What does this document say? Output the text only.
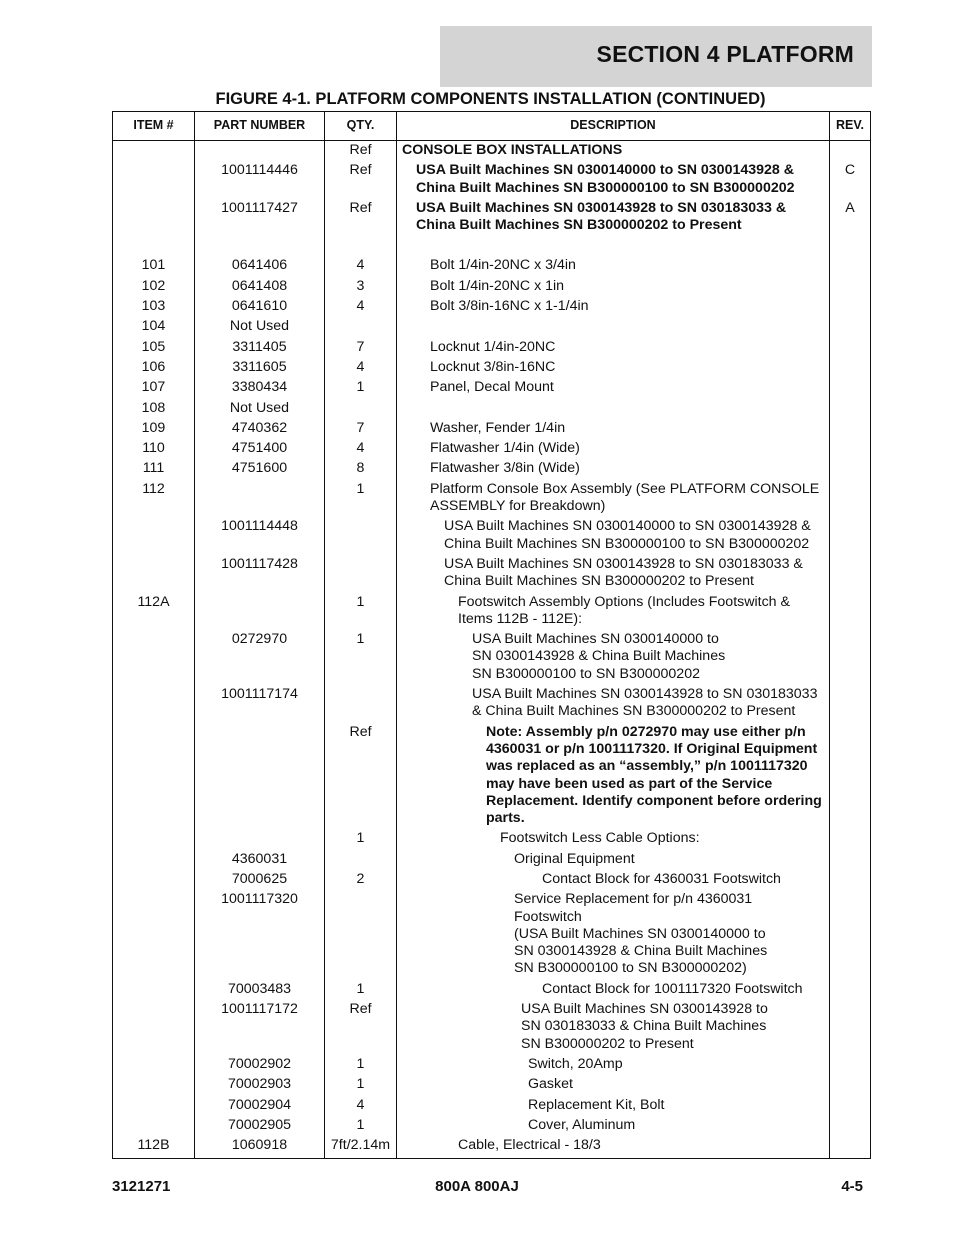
SECTION 4 PLATFORM
FIGURE 4-1. PLATFORM COMPONENTS INSTALLATION (CONTINUED)
ITEM #	PART NUMBER	QTY.	DESCRIPTION	REV.
		Ref	CONSOLE BOX INSTALLATIONS	
	1001114446	Ref	USA Built Machines SN 0300140000 to SN 0300143928 & China Built Machines SN B300000100 to SN B300000202	C
	1001117427	Ref	USA Built Machines SN 0300143928 to SN 030183033 & China Built Machines SN B300000202 to Present	A
101	0641406	4	Bolt 1/4in-20NC x 3/4in	
102	0641408	3	Bolt 1/4in-20NC x 1in	
103	0641610	4	Bolt 3/8in-16NC x 1-1/4in	
104	Not Used			
105	3311405	7	Locknut 1/4in-20NC	
106	3311605	4	Locknut 3/8in-16NC	
107	3380434	1	Panel, Decal Mount	
108	Not Used			
109	4740362	7	Washer, Fender 1/4in	
110	4751400	4	Flatwasher 1/4in (Wide)	
111	4751600	8	Flatwasher 3/8in (Wide)	
112		1	Platform Console Box Assembly (See PLATFORM CONSOLE ASSEMBLY for Breakdown)	
	1001114448		USA Built Machines SN 0300140000 to SN 0300143928 & China Built Machines SN B300000100 to SN B300000202	
	1001117428		USA Built Machines SN 0300143928 to SN 030183033 & China Built Machines SN B300000202 to Present	
112A		1	Footswitch Assembly Options (Includes Footswitch & Items 112B - 112E):	
	0272970	1	USA Built Machines SN 0300140000 to
SN 0300143928 & China Built Machines
SN B300000100 to SN B300000202	
	1001117174		USA Built Machines SN 0300143928 to SN 030183033 & China Built Machines SN B300000202 to Present	
		Ref	Note: Assembly p/n 0272970 may use either p/n 4360031 or p/n 1001117320. If Original Equipment was replaced as an “assembly,” p/n 1001117320 may have been used as part of the Service Replacement. Identify component before ordering parts.	
		1	Footswitch Less Cable Options:	
	4360031		Original Equipment	
	7000625	2	Contact Block for 4360031 Footswitch	
	1001117320		Service Replacement for p/n 4360031 Footswitch
(USA Built Machines SN 0300140000 to
SN 0300143928 & China Built Machines
SN B300000100 to SN B300000202)	
	70003483	1	Contact Block for 1001117320 Footswitch	
	1001117172	Ref	USA Built Machines SN 0300143928 to
SN 030183033 & China Built Machines
SN B300000202 to Present	
	70002902	1	Switch, 20Amp	
	70002903	1	Gasket	
	70002904	4	Replacement Kit, Bolt	
	70002905	1	Cover, Aluminum	
112B	1060918	7ft/2.14m	Cable, Electrical - 18/3	
3121271	800A 800AJ	4-5
